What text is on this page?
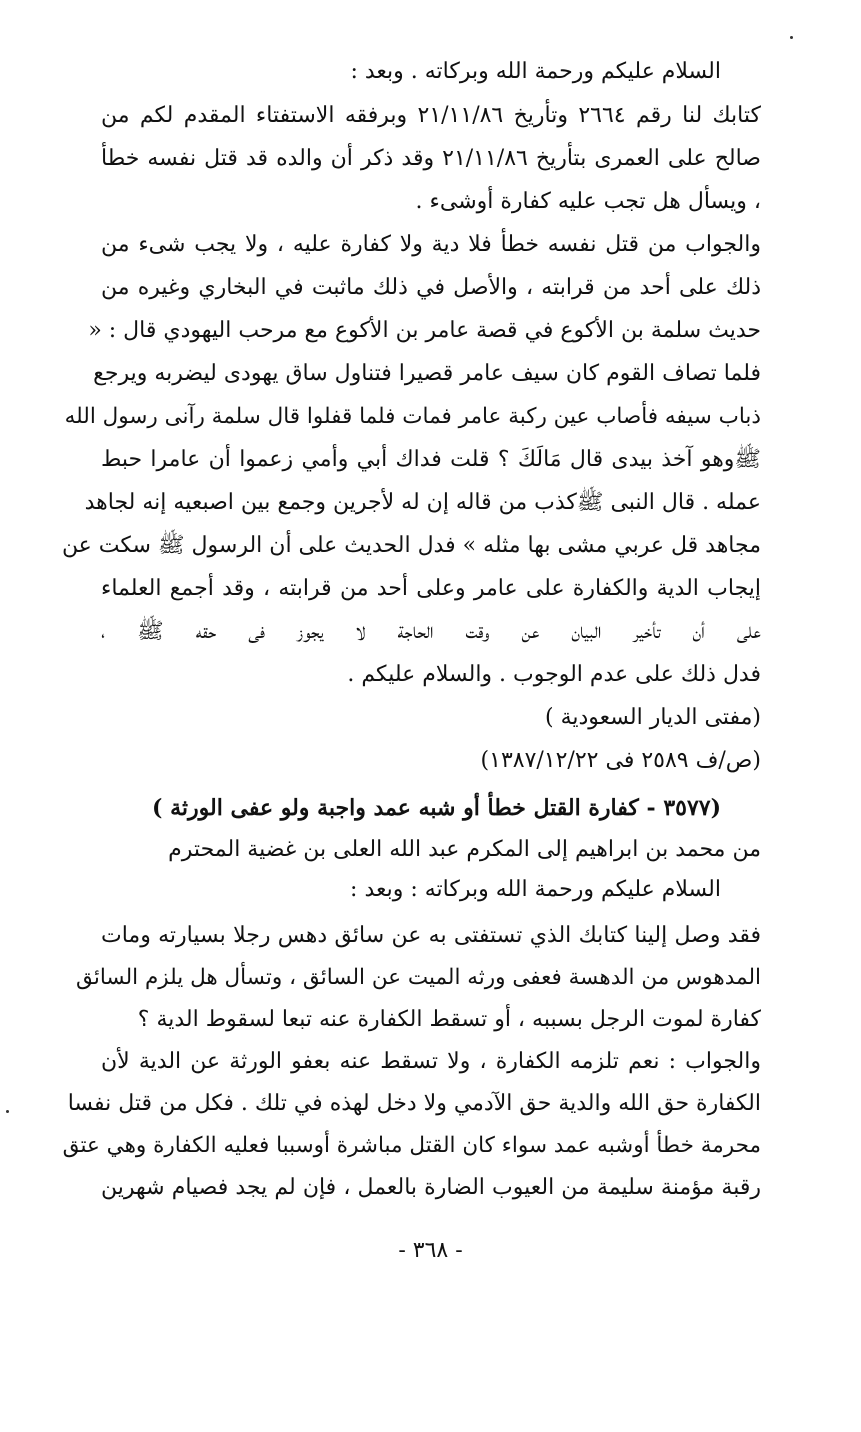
السلام عليكم ورحمة الله وبركاته . وبعد :
كتابك لنا رقم ٢٦٦٤ وتأريخ ٢١/١١/٨٦ وبرفقه الاستفتاء المقدم لكم من
صالح على العمرى بتأريخ ٢١/١١/٨٦ وقد ذكر أن والده قد قتل نفسه خطأ
، ويسأل هل تجب عليه كفارة أوشىء .
والجواب من قتل نفسه خطأ فلا دية ولا كفارة عليه ، ولا يجب شىء من
ذلك على أحد من قرابته ، والأصل في ذلك ماثبت في البخاري وغيره من
حديث سلمة بن الأكوع في قصة عامر بن الأكوع مع مرحب اليهودي قال : «
فلما تصاف القوم كان سيف عامر قصيرا فتناول ساق يهودى ليضربه ويرجع
ذباب سيفه فأصاب عين ركبة عامر فمات فلما قفلوا قال سلمة رآنى رسول الله
ﷺوهو آخذ بيدى قال مَالَكَ ؟ قلت فداك أبي وأمي زعموا أن عامرا حبط
عمله . قال النبى ﷺكذب من قاله إن له لأجرين وجمع بين اصبعيه إنه لجاهد
مجاهد قل عربي مشى بها مثله » فدل الحديث على أن الرسول ﷺ سكت عن
إيجاب الدية والكفارة على عامر وعلى أحد من قرابته ، وقد أجمع العلماء
على أن تأخير البيان عن وقت الحاجة لا يجوز فى حقه ﷺ ،
فدل ذلك على عدم الوجوب . والسلام عليكم .
(مفتى الديار السعودية )
(ص/ف ٢٥٨٩ فى ١٣٨٧/١٢/٢٢)
(٣٥٧٧ - كفارة القتل خطأ أو شبه عمد واجبة ولو عفى الورثة )
من محمد بن ابراهيم إلى المكرم عبد الله العلى بن غضية المحترم
السلام عليكم ورحمة الله وبركاته : وبعد :
فقد وصل إلينا كتابك الذي تستفتى به عن سائق دهس رجلا بسيارته ومات
المدهوس من الدهسة فعفى ورثه الميت عن السائق ، وتسأل هل يلزم السائق
كفارة لموت الرجل بسببه ، أو تسقط الكفارة عنه تبعا لسقوط الدية ؟
والجواب : نعم تلزمه الكفارة ، ولا تسقط عنه بعفو الورثة عن الدية لأن
الكفارة حق الله والدية حق الآدمي ولا دخل لهذه في تلك . فكل من قتل نفسا
محرمة خطأ أوشبه عمد سواء كان القتل مباشرة أوسببا فعليه الكفارة وهي عتق
رقبة مؤمنة سليمة من العيوب الضارة بالعمل ، فإن لم يجد فصيام شهرين
- ٣٦٨ -
